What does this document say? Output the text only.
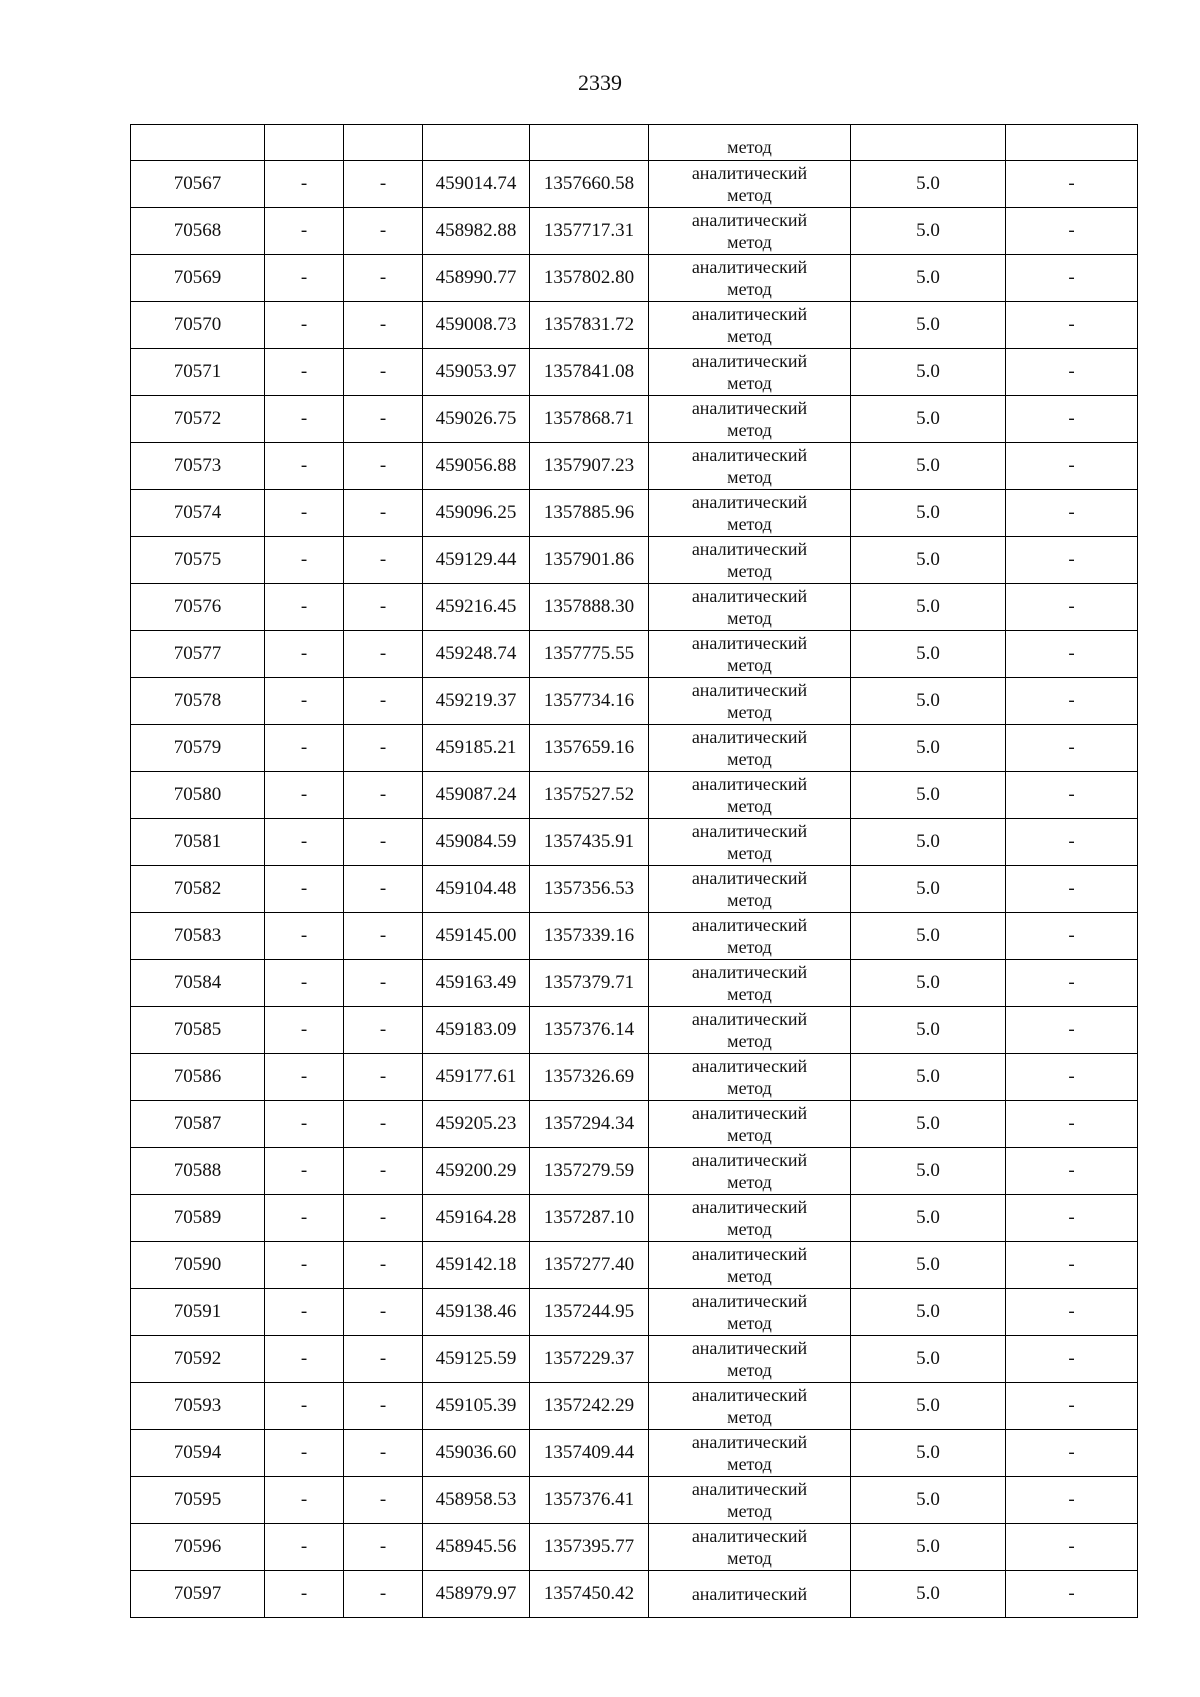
2339

					метод		

70567	-	-	459014.74	1357660.58	аналитический
метод	5.0	-
70568	-	-	458982.88	1357717.31	аналитический
метод	5.0	-
70569	-	-	458990.77	1357802.80	аналитический
метод	5.0	-
70570	-	-	459008.73	1357831.72	аналитический
метод	5.0	-
70571	-	-	459053.97	1357841.08	аналитический
метод	5.0	-
70572	-	-	459026.75	1357868.71	аналитический
метод	5.0	-
70573	-	-	459056.88	1357907.23	аналитический
метод	5.0	-
70574	-	-	459096.25	1357885.96	аналитический
метод	5.0	-
70575	-	-	459129.44	1357901.86	аналитический
метод	5.0	-
70576	-	-	459216.45	1357888.30	аналитический
метод	5.0	-
70577	-	-	459248.74	1357775.55	аналитический
метод	5.0	-
70578	-	-	459219.37	1357734.16	аналитический
метод	5.0	-
70579	-	-	459185.21	1357659.16	аналитический
метод	5.0	-
70580	-	-	459087.24	1357527.52	аналитический
метод	5.0	-
70581	-	-	459084.59	1357435.91	аналитический
метод	5.0	-
70582	-	-	459104.48	1357356.53	аналитический
метод	5.0	-
70583	-	-	459145.00	1357339.16	аналитический
метод	5.0	-
70584	-	-	459163.49	1357379.71	аналитический
метод	5.0	-
70585	-	-	459183.09	1357376.14	аналитический
метод	5.0	-
70586	-	-	459177.61	1357326.69	аналитический
метод	5.0	-
70587	-	-	459205.23	1357294.34	аналитический
метод	5.0	-
70588	-	-	459200.29	1357279.59	аналитический
метод	5.0	-
70589	-	-	459164.28	1357287.10	аналитический
метод	5.0	-
70590	-	-	459142.18	1357277.40	аналитический
метод	5.0	-
70591	-	-	459138.46	1357244.95	аналитический
метод	5.0	-
70592	-	-	459125.59	1357229.37	аналитический
метод	5.0	-
70593	-	-	459105.39	1357242.29	аналитический
метод	5.0	-
70594	-	-	459036.60	1357409.44	аналитический
метод	5.0	-
70595	-	-	458958.53	1357376.41	аналитический
метод	5.0	-
70596	-	-	458945.56	1357395.77	аналитический
метод	5.0	-
70597	-	-	458979.97	1357450.42	аналитический	5.0	-
